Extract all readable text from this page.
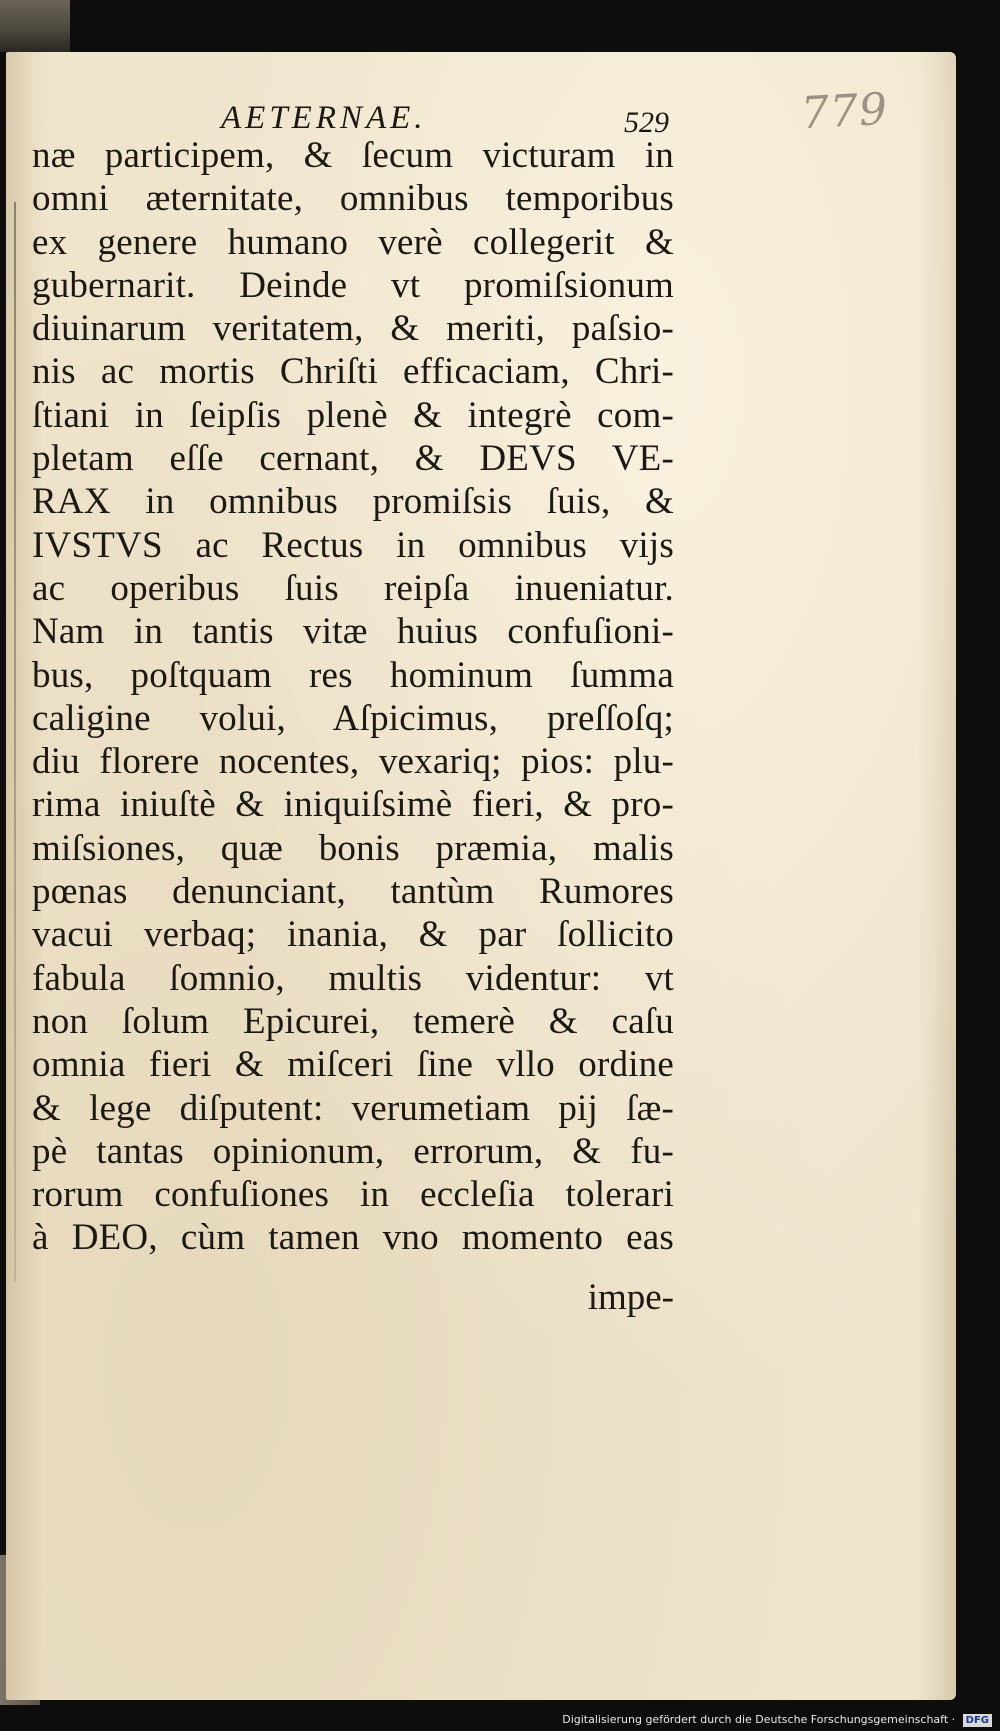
779
AETERNAE.	529
næ participem, & ſecum victuram in
omni æternitate, omnibus temporibus
ex genere humano verè collegerit &
gubernarit. Deinde vt promiſsionum
diuinarum veritatem, & meriti, paſsio-
nis ac mortis Chriſti efficaciam, Chri-
ſtiani in ſeipſis plenè & integrè com-
pletam eſſe cernant, & DEVS VE-
RAX in omnibus promiſsis ſuis, &
IVSTVS ac Rectus in omnibus vijs
ac operibus ſuis reipſa inueniatur.
Nam in tantis vitæ huius confuſioni-
bus, poſtquam res hominum ſumma
caligine volui, Aſpicimus, preſſoſq;
diu florere nocentes, vexariq; pios: plu-
rima iniuſtè & iniquiſsimè fieri, & pro-
miſsiones, quæ bonis præmia, malis
pœnas denunciant, tantùm Rumores
vacui verbaq; inania, & par ſollicito
fabula ſomnio, multis videntur: vt
non ſolum Epicurei, temerè & caſu
omnia fieri & miſceri ſine vllo ordine
& lege diſputent: verumetiam pij ſæ-
pè tantas opinionum, errorum, & fu-
rorum confuſiones in eccleſia tolerari
à DEO, cùm tamen vno momento eas
impe-
Digitalisierung gefördert durch die Deutsche Forschungsgemeinschaft · DFG
